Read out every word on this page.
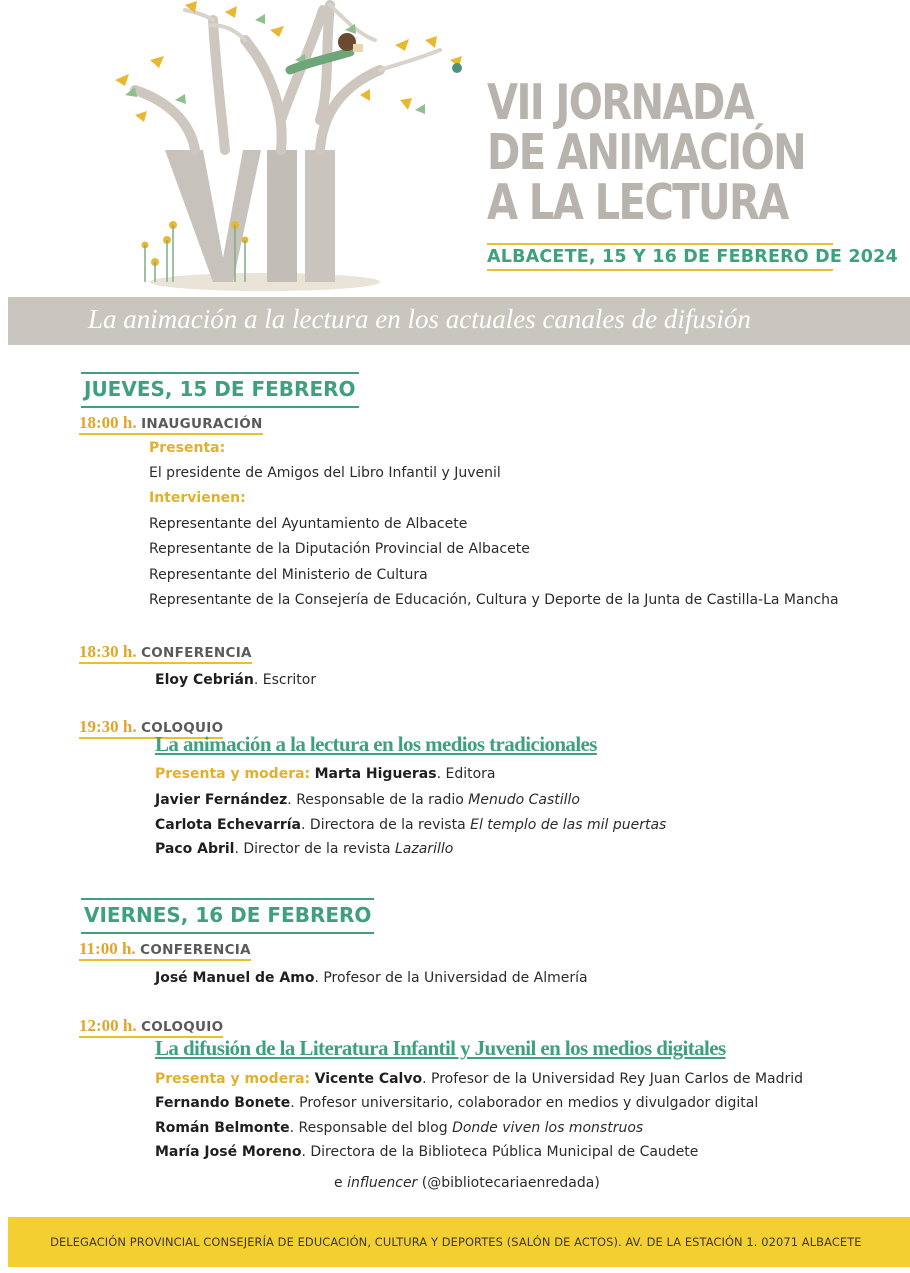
VII JORNADA
DE ANIMACIÓN
A LA LECTURA
ALBACETE, 15 Y 16 DE FEBRERO DE 2024
La animación a la lectura en los actuales canales de difusión
JUEVES, 15 DE FEBRERO
18:00 h. INAUGURACIÓN
Presenta:
El presidente de Amigos del Libro Infantil y Juvenil
Intervienen:
Representante del Ayuntamiento de Albacete
Representante de la Diputación Provincial de Albacete
Representante del Ministerio de Cultura
Representante de la Consejería de Educación, Cultura y Deporte de la Junta de Castilla-La Mancha
18:30 h. CONFERENCIA
Eloy Cebrián. Escritor
19:30 h. COLOQUIO
La animación a la lectura en los medios tradicionales
Presenta y modera: Marta Higueras. Editora
Javier Fernández. Responsable de la radio Menudo Castillo
Carlota Echevarría. Directora de la revista El templo de las mil puertas
Paco Abril. Director de la revista Lazarillo
VIERNES, 16 DE FEBRERO
11:00 h. CONFERENCIA
José Manuel de Amo. Profesor de la Universidad de Almería
12:00 h. COLOQUIO
La difusión de la Literatura Infantil y Juvenil en los medios digitales
Presenta y modera: Vicente Calvo. Profesor de la Universidad Rey Juan Carlos de Madrid
Fernando Bonete. Profesor universitario, colaborador en medios y divulgador digital
Román Belmonte. Responsable del blog Donde viven los monstruos
María José Moreno. Directora de la Biblioteca Pública Municipal de Caudete
e influencer (@bibliotecariaenredada)
DELEGACIÓN PROVINCIAL CONSEJERÍA DE EDUCACIÓN, CULTURA Y DEPORTES (SALÓN DE ACTOS). AV. DE LA ESTACIÓN 1. 02071 ALBACETE
